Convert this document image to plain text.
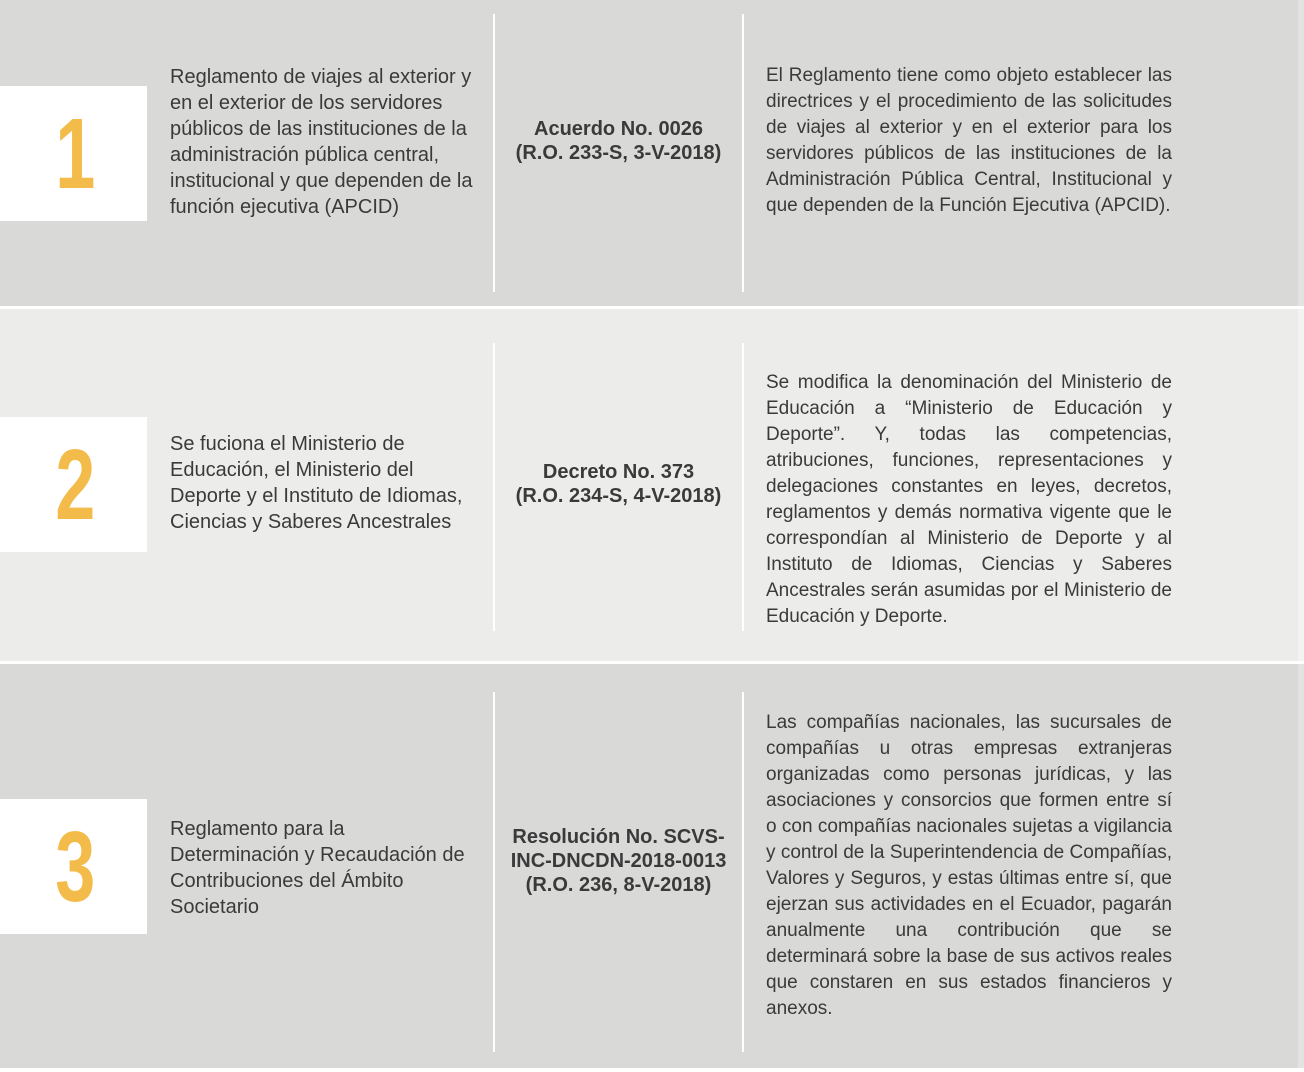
1
Reglamento de viajes al exterior y en el exterior de los servidores públicos de las instituciones de la administración pública central, institucional y que dependen de la función ejecutiva (APCID)
Acuerdo No. 0026
(R.O. 233-S, 3-V-2018)
El Reglamento tiene como objeto establecer las directrices y el procedimiento de las solicitudes de viajes al exterior y en el exterior para los servidores públicos de las instituciones de la Administración Pública Central, Institucional y que dependen de la Función Ejecutiva (APCID).
2	Se fuciona el Ministerio de Educación, el Ministerio del Deporte y el Instituto de Idiomas, Ciencias y Saberes Ancestrales
Decreto No. 373
(R.O. 234-S, 4-V-2018)
Se modifica la denominación del Ministerio de Educación a “Ministerio de Educación y Deporte”. Y, todas las competencias, atribuciones, funciones, representaciones y delegaciones constantes en leyes, decretos, reglamentos y demás normativa vigente que le correspondían al Ministerio de Deporte y al Instituto de Idiomas, Ciencias y Saberes Ancestrales serán asumidas por el Ministerio de Educación y Deporte.
3	Reglamento para la Determinación y Recaudación de Contribuciones del Ámbito Societario
Resolución No. SCVS-
INC-DNCDN-2018-0013
(R.O. 236, 8-V-2018)
Las compañías nacionales, las sucursales de compañías u otras empresas extranjeras organizadas como personas jurídicas, y las asociaciones y consorcios que formen entre sí o con compañías nacionales sujetas a vigilancia y control de la Superintendencia de Compañías, Valores y Seguros, y estas últimas entre sí, que ejerzan sus actividades en el Ecuador, pagarán anualmente una contribución que se determinará sobre la base de sus activos reales que constaren en sus estados financieros y anexos.
